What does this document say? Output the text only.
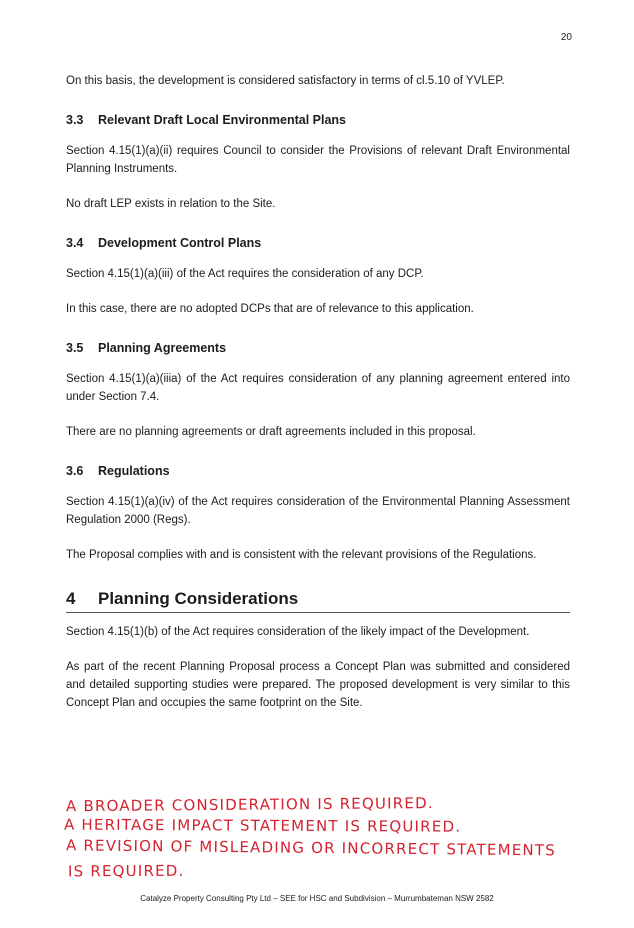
20

On this basis, the development is considered satisfactory in terms of cl.5.10 of YVLEP.

3.3	Relevant Draft Local Environmental Plans

Section 4.15(1)(a)(ii) requires Council to consider the Provisions of relevant Draft Environmental Planning Instruments.

No draft LEP exists in relation to the Site.

3.4	Development Control Plans

Section 4.15(1)(a)(iii) of the Act requires the consideration of any DCP.

In this case, there are no adopted DCPs that are of relevance to this application.

3.5	Planning Agreements

Section 4.15(1)(a)(iiia) of the Act requires consideration of any planning agreement entered into under Section 7.4.

There are no planning agreements or draft agreements included in this proposal.

3.6	Regulations

Section 4.15(1)(a)(iv) of the Act requires consideration of the Environmental Planning Assessment Regulation 2000 (Regs).

The Proposal complies with and is consistent with the relevant provisions of the Regulations.

4	Planning Considerations

Section 4.15(1)(b) of the Act requires consideration of the likely impact of the Development.

As part of the recent Planning Proposal process a Concept Plan was submitted and considered and detailed supporting studies were prepared. The proposed development is very similar to this Concept Plan and occupies the same footprint on the Site.

A BROADER CONSIDERATION IS REQUIRED.
A HERITAGE IMPACT STATEMENT IS REQUIRED.
A REVISION OF MISLEADING OR INCORRECT STATEMENTS
IS REQUIRED.
Catalyze Property Consulting Pty Ltd – SEE for HSC and Subdivision – Murrumbateman NSW 2582
